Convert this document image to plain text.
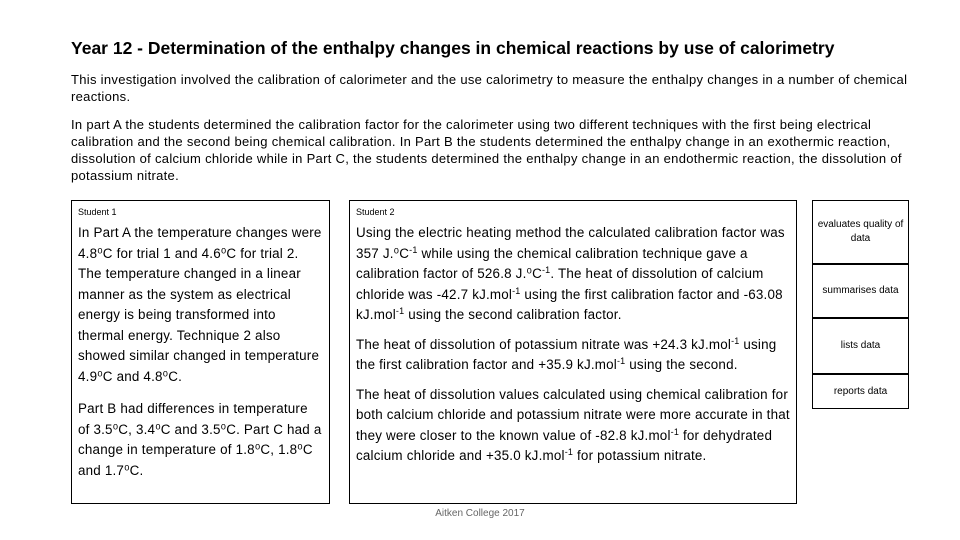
Year 12 - Determination of the enthalpy changes in chemical reactions by use of calorimetry

This investigation involved the calibration of calorimeter and the use calorimetry to measure the enthalpy changes in a number of chemical reactions.

In part A the students determined the calibration factor for the calorimeter using two different techniques with the first being electrical calibration and the second being chemical calibration. In Part B the students determined the enthalpy change in an exothermic reaction, dissolution of calcium chloride while in Part C, the students determined the enthalpy change in an endothermic reaction, the dissolution of potassium nitrate.

Student 1

In Part A the temperature changes were 4.8⁰C for trial 1 and 4.6⁰C for trial 2. The temperature changed in a linear manner as the system as electrical energy is being transformed into thermal energy. Technique 2 also showed similar changed in temperature 4.9⁰C and 4.8⁰C.

Part B had differences in temperature of 3.5⁰C, 3.4⁰C and 3.5⁰C. Part C had a change in temperature of 1.8⁰C, 1.8⁰C and 1.7⁰C.

Student 2

Using the electric heating method the calculated calibration factor was 357 $J.^0C^{-1}$ while using the chemical calibration technique gave a calibration factor of 526.8 $J.^0C^{-1}$. The heat of dissolution of calcium chloride was -42.7 kJ.mol$^{-1}$ using the first calibration factor and -63.08 kJ.mol$^{-1}$ using the second calibration factor.

The heat of dissolution of potassium nitrate was +24.3 kJ.mol$^{-1}$ using the first calibration factor and +35.9 kJ.mol$^{-1}$ using the second.

The heat of dissolution values calculated using chemical calibration for both calcium chloride and potassium nitrate were more accurate in that they were closer to the known value of -82.8 kJ.mol$^{-1}$ for dehydrated calcium chloride and +35.0 kJ.mol$^{-1}$ for potassium nitrate.

evaluates quality of data
summarises data
lists data
reports data
Aitken College 2017
